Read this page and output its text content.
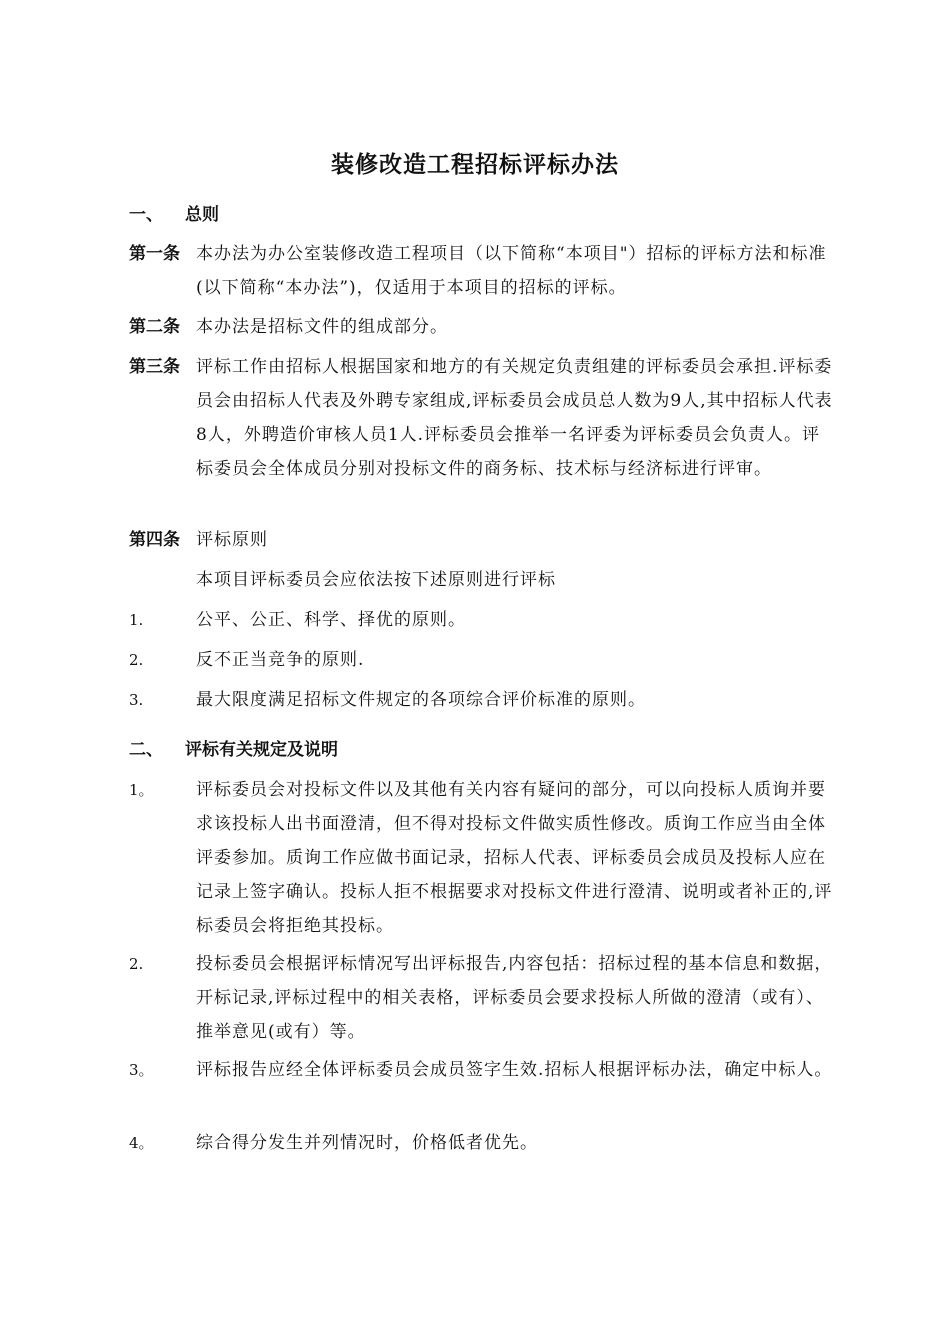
装修改造工程招标评标办法
一、 总则
第一条 本办法为办公室装修改造工程项目（以下简称“本项目"）招标的评标方法和标准(以下简称“本办法”)，仅适用于本项目的招标的评标。
第二条 本办法是招标文件的组成部分。
第三条 评标工作由招标人根据国家和地方的有关规定负责组建的评标委员会承担.评标委员会由招标人代表及外聘专家组成,评标委员会成员总人数为9人,其中招标人代表8人，外聘造价审核人员1人.评标委员会推举一名评委为评标委员会负责人。评标委员会全体成员分别对投标文件的商务标、技术标与经济标进行评审。
第四条 评标原则
本项目评标委员会应依法按下述原则进行评标
1.	公平、公正、科学、择优的原则。
2.	反不正当竞争的原则.
3.	最大限度满足招标文件规定的各项综合评价标准的原则。
二、 评标有关规定及说明
1。 评标委员会对投标文件以及其他有关内容有疑问的部分，可以向投标人质询并要求该投标人出书面澄清，但不得对投标文件做实质性修改。质询工作应当由全体评委参加。质询工作应做书面记录，招标人代表、评标委员会成员及投标人应在记录上签字确认。投标人拒不根据要求对投标文件进行澄清、说明或者补正的,评标委员会将拒绝其投标。
2.	投标委员会根据评标情况写出评标报告,内容包括：招标过程的基本信息和数据，开标记录,评标过程中的相关表格，评标委员会要求投标人所做的澄清（或有）、推举意见(或有）等。
3。 评标报告应经全体评标委员会成员签字生效.招标人根据评标办法，确定中标人。
4。 综合得分发生并列情况时，价格低者优先。
